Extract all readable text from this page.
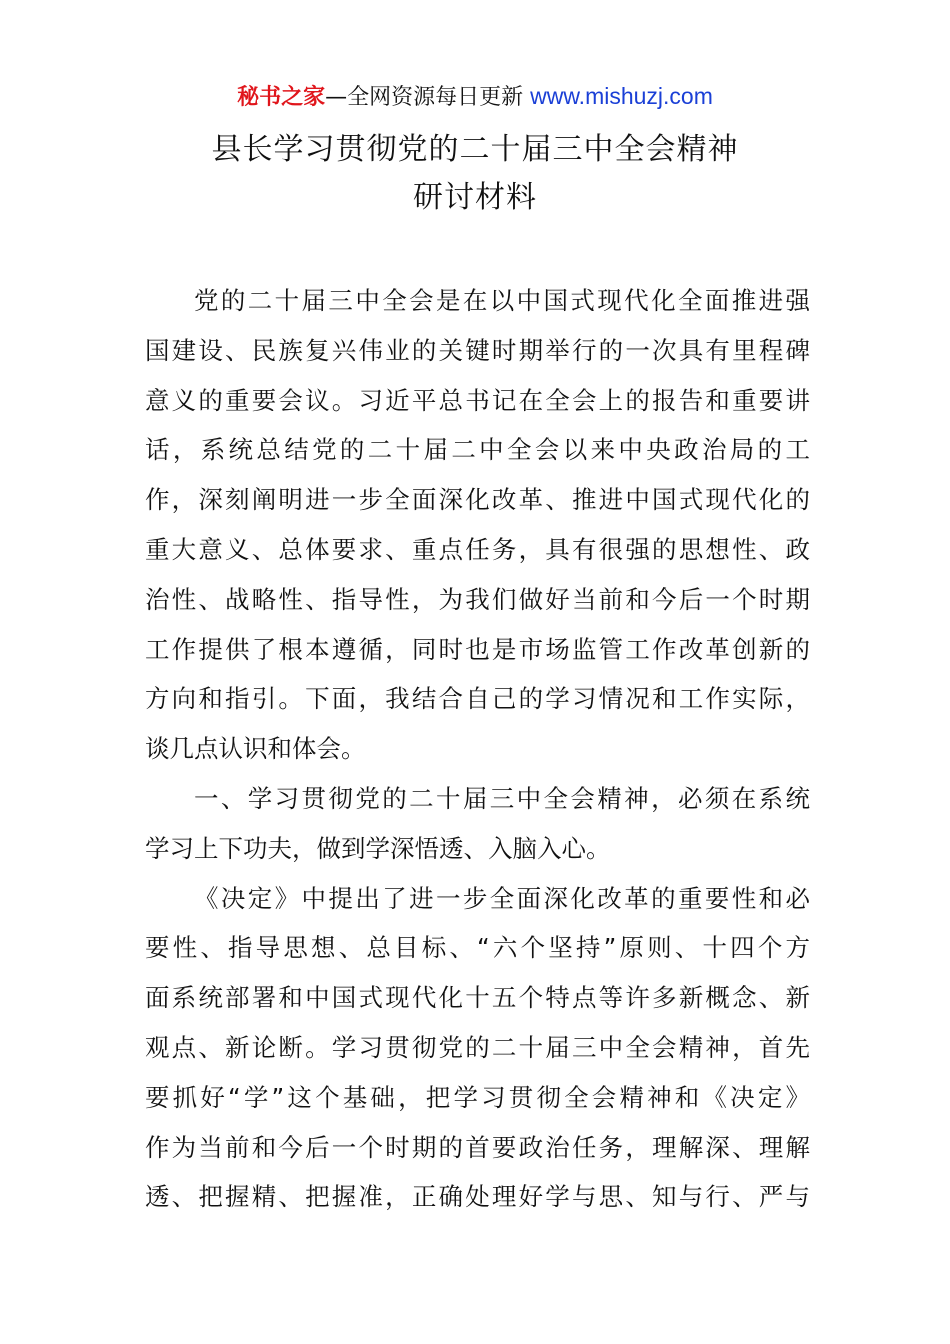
秘书之家—全网资源每日更新 www.mishuzj.com
县长学习贯彻党的二十届三中全会精神
研讨材料
党的二十届三中全会是在以中国式现代化全面推进强
国建设、民族复兴伟业的关键时期举行的一次具有里程碑
意义的重要会议。习近平总书记在全会上的报告和重要讲
话，系统总结党的二十届二中全会以来中央政治局的工
作，深刻阐明进一步全面深化改革、推进中国式现代化的
重大意义、总体要求、重点任务，具有很强的思想性、政
治性、战略性、指导性，为我们做好当前和今后一个时期
工作提供了根本遵循，同时也是市场监管工作改革创新的
方向和指引。下面，我结合自己的学习情况和工作实际，
谈几点认识和体会。
一、学习贯彻党的二十届三中全会精神，必须在系统
学习上下功夫，做到学深悟透、入脑入心。
《决定》中提出了进一步全面深化改革的重要性和必
要性、指导思想、总目标、“六个坚持”原则、十四个方
面系统部署和中国式现代化十五个特点等许多新概念、新
观点、新论断。学习贯彻党的二十届三中全会精神，首先
要抓好“学”这个基础，把学习贯彻全会精神和《决定》
作为当前和今后一个时期的首要政治任务，理解深、理解
透、把握精、把握准，正确处理好学与思、知与行、严与
